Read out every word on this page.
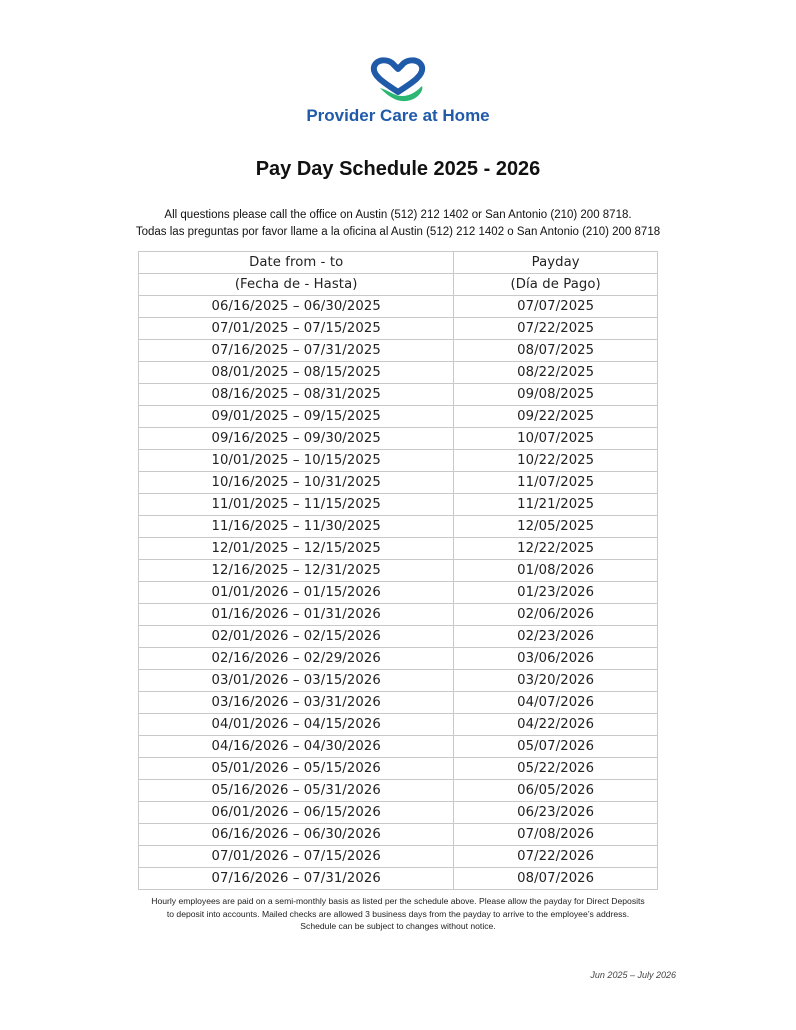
Provider Care at Home
Pay Day Schedule 2025 - 2026
All questions please call the office on Austin (512) 212 1402 or San Antonio (210) 200 8718.
Todas las preguntas por favor llame a la oficina al Austin (512) 212 1402 o San Antonio (210) 200 8718
Date from - to	Payday
(Fecha de - Hasta)	(Día de Pago)
06/16/2025 – 06/30/2025	07/07/2025
07/01/2025 – 07/15/2025	07/22/2025
07/16/2025 – 07/31/2025	08/07/2025
08/01/2025 – 08/15/2025	08/22/2025
08/16/2025 – 08/31/2025	09/08/2025
09/01/2025 – 09/15/2025	09/22/2025
09/16/2025 – 09/30/2025	10/07/2025
10/01/2025 – 10/15/2025	10/22/2025
10/16/2025 – 10/31/2025	11/07/2025
11/01/2025 – 11/15/2025	11/21/2025
11/16/2025 – 11/30/2025	12/05/2025
12/01/2025 – 12/15/2025	12/22/2025
12/16/2025 – 12/31/2025	01/08/2026
01/01/2026 – 01/15/2026	01/23/2026
01/16/2026 – 01/31/2026	02/06/2026
02/01/2026 – 02/15/2026	02/23/2026
02/16/2026 – 02/29/2026	03/06/2026
03/01/2026 – 03/15/2026	03/20/2026
03/16/2026 – 03/31/2026	04/07/2026
04/01/2026 – 04/15/2026	04/22/2026
04/16/2026 – 04/30/2026	05/07/2026
05/01/2026 – 05/15/2026	05/22/2026
05/16/2026 – 05/31/2026	06/05/2026
06/01/2026 – 06/15/2026	06/23/2026
06/16/2026 – 06/30/2026	07/08/2026
07/01/2026 – 07/15/2026	07/22/2026
07/16/2026 – 07/31/2026	08/07/2026
Hourly employees are paid on a semi-monthly basis as listed per the schedule above. Please allow the payday for Direct Deposits
to deposit into accounts. Mailed checks are allowed 3 business days from the payday to arrive to the employee’s address.
Schedule can be subject to changes without notice.
Jun 2025 – July 2026
